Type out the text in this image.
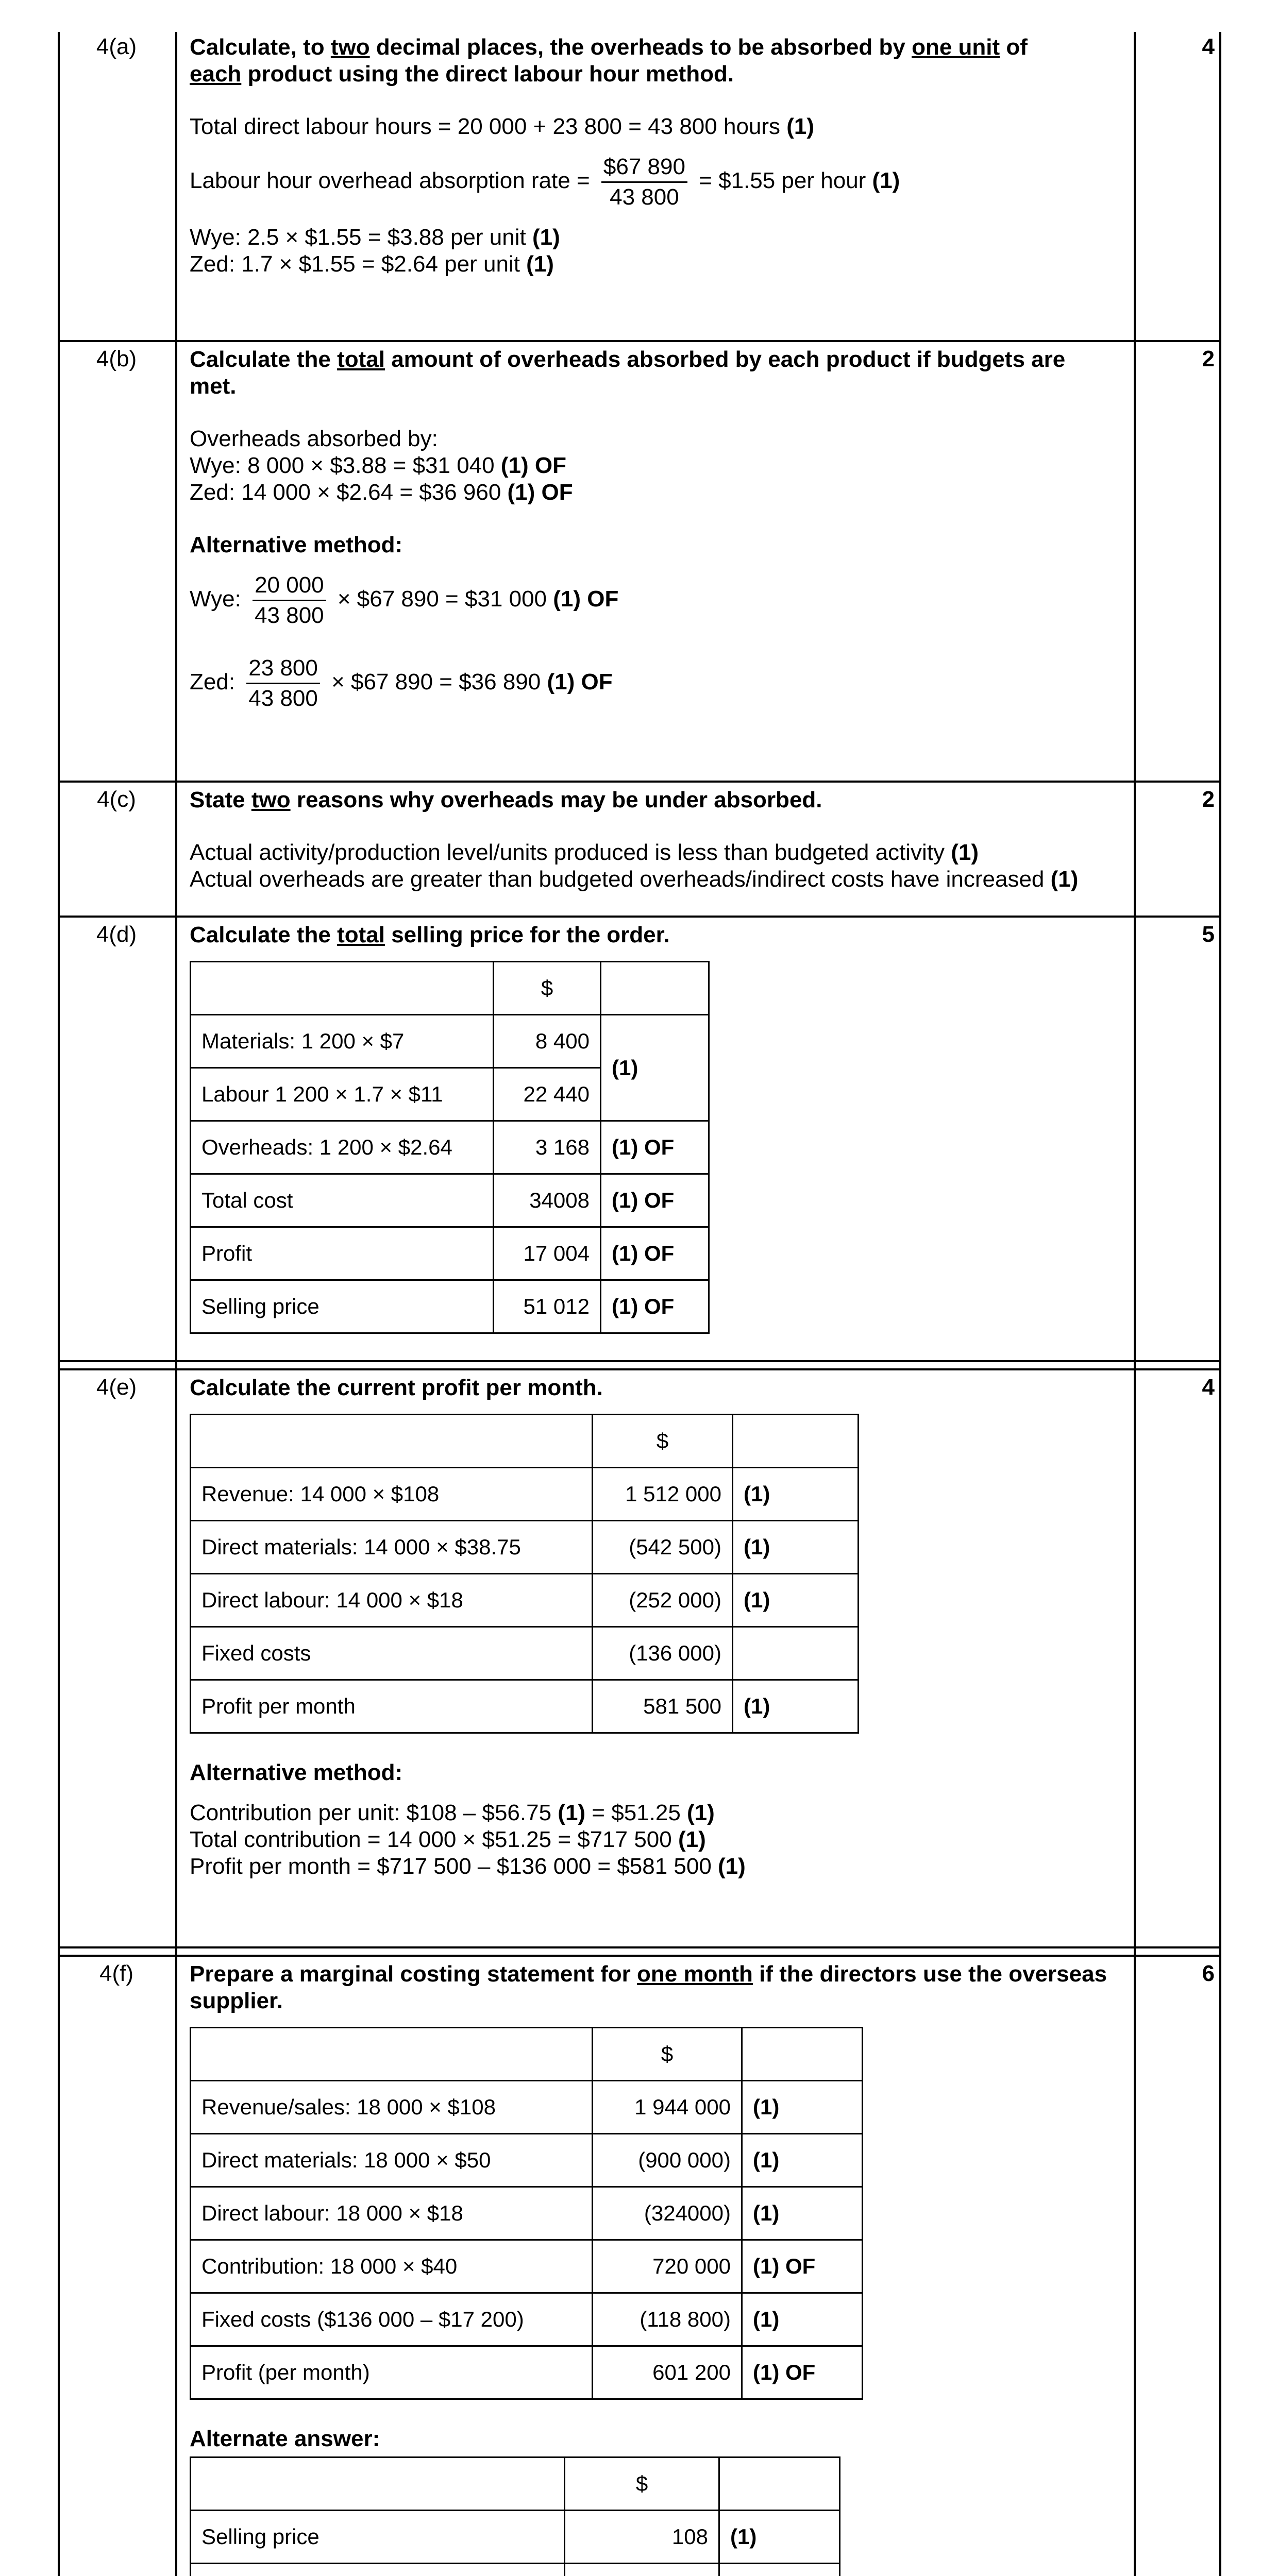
4(a)	4

Calculate, to two decimal places, the overheads to be absorbed by one unit of
each product using the direct labour hour method.

Total direct labour hours = 20 000 + 23 800 = 43 800 hours (1)

Labour hour overhead absorption rate = $\frac{\$67 890}{43 800}$ = $1.55 per hour (1)

Wye: 2.5 × $1.55 = $3.88 per unit (1)

Zed: 1.7 × $1.55 = $2.64 per unit (1)

4(b)	2

Calculate the total amount of overheads absorbed by each product if budgets are met.

Overheads absorbed by:

Wye: 8 000 × $3.88 = $31 040 (1) OF

Zed: 14 000 × $2.64 = $36 960 (1) OF

Alternative method:

Wye: $\frac{20 000}{43 800}$ × $67 890 = $31 000 (1) OF

Zed: $\frac{23 800}{43 800}$ × $67 890 = $36 890 (1) OF

4(c)	2

State two reasons why overheads may be under absorbed.

Actual activity/production level/units produced is less than budgeted activity (1)

Actual overheads are greater than budgeted overheads/indirect costs have increased (1)

4(d)	5

Calculate the total selling price for the order.

	$	
Materials: 1 200 × $7	8 400	(1)
Labour 1 200 × 1.7 × $11	22 440	
Overheads: 1 200 × $2.64	3 168	(1) OF
Total cost	34008	(1) OF
Profit	17 004	(1) OF
Selling price	51 012	(1) OF
4(e)	4

Calculate the current profit per month.

	$	
Revenue: 14 000 × $108	1 512 000	(1)
Direct materials: 14 000 × $38.75	(542 500)	(1)
Direct labour: 14 000 × $18	(252 000)	(1)
Fixed costs	(136 000)	
Profit per month	581 500	(1)

Alternative method:

Contribution per unit: $108 – $56.75 (1) = $51.25 (1)

Total contribution = 14 000 × $51.25 = $717 500 (1)

Profit per month = $717 500 – $136 000 = $581 500 (1)

4(f)	6

Prepare a marginal costing statement for one month if the directors use the overseas supplier.

	$	
Revenue/sales: 18 000 × $108	1 944 000	(1)
Direct materials: 18 000 × $50	(900 000)	(1)
Direct labour: 18 000 × $18	(324000)	(1)
Contribution: 18 000 × $40	720 000	(1) OF
Fixed costs ($136 000 – $17 200)	(118 800)	(1)
Profit (per month)	601 200	(1) OF

Alternate answer:

	$	
Selling price	108	(1)
